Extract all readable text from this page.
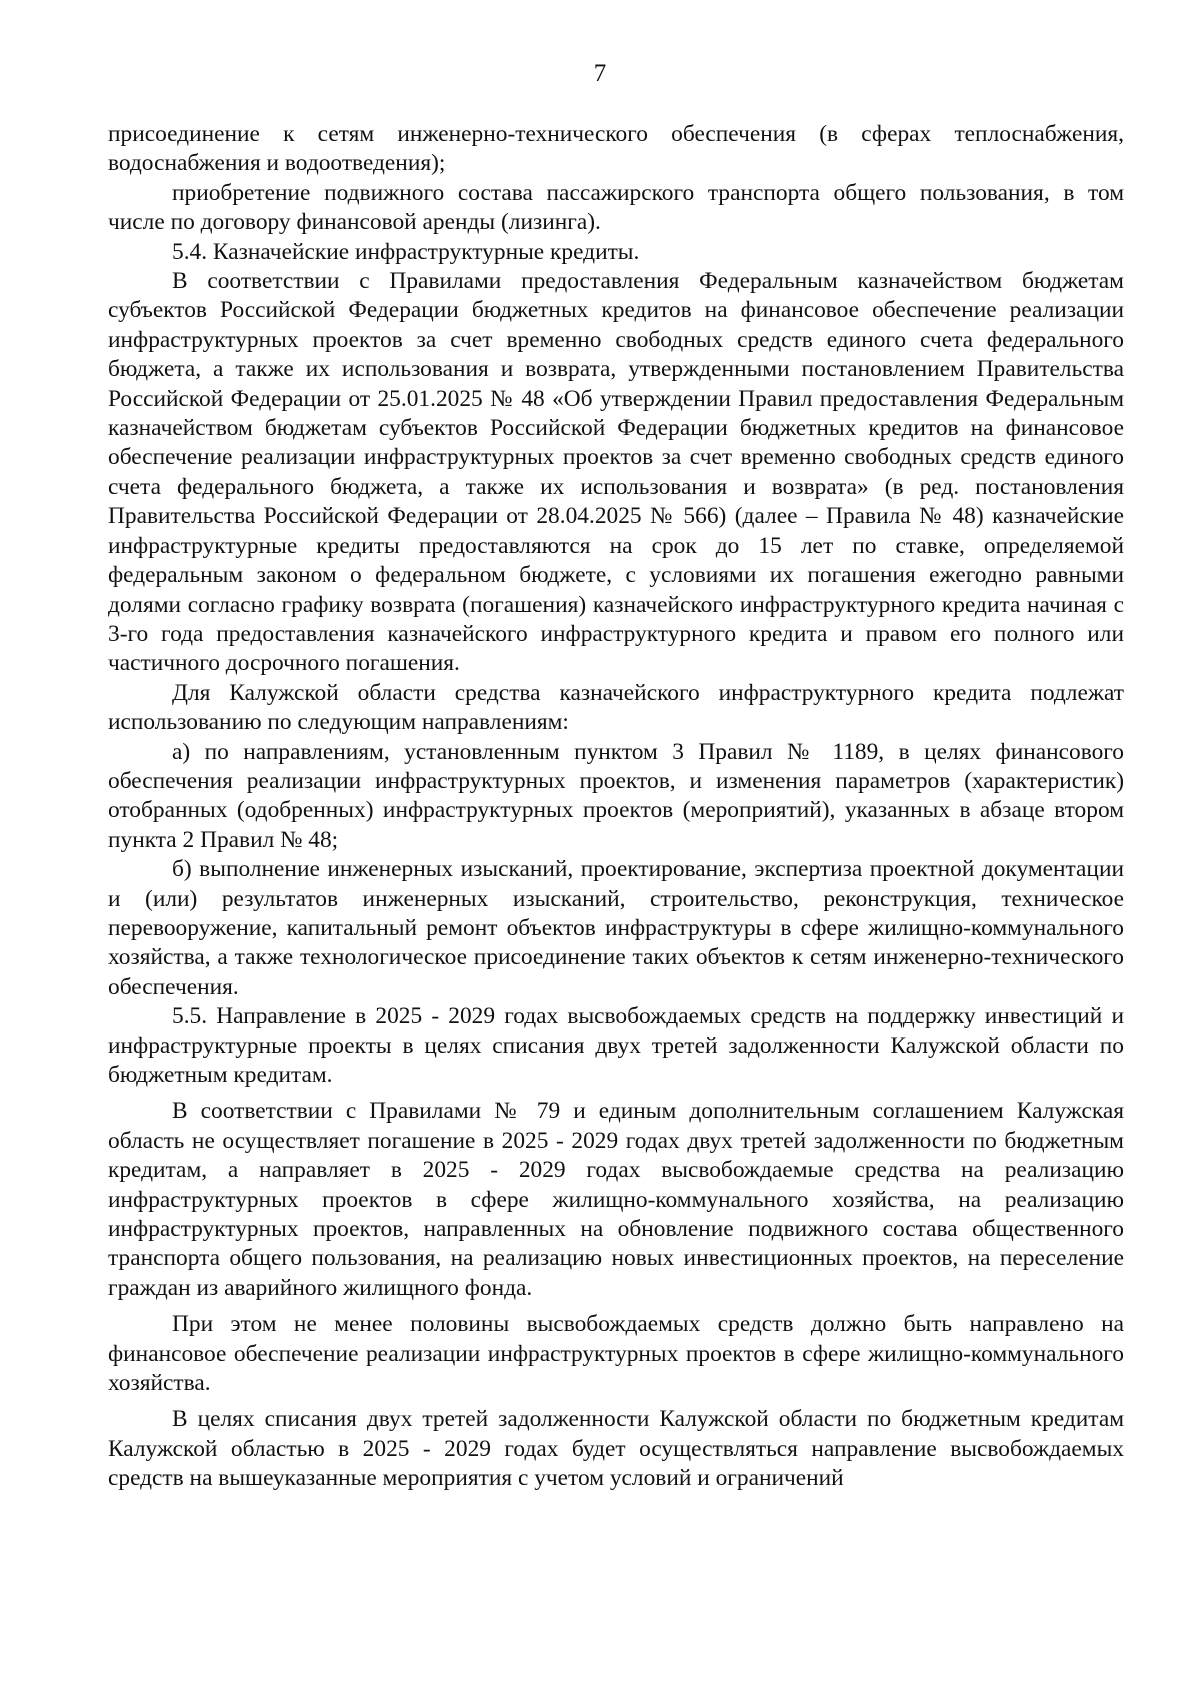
7

присоединение к сетям инженерно-технического обеспечения (в сферах теплоснабжения, водоснабжения и водоотведения);

приобретение подвижного состава пассажирского транспорта общего пользования, в том числе по договору финансовой аренды (лизинга).

5.4. Казначейские инфраструктурные кредиты.

В соответствии с Правилами предоставления Федеральным казначейством бюджетам субъектов Российской Федерации бюджетных кредитов на финансовое обеспечение реализации инфраструктурных проектов за счет временно свободных средств единого счета федерального бюджета, а также их использования и возврата, утвержденными постановлением Правительства Российской Федерации от 25.01.2025 № 48 «Об утверждении Правил предоставления Федеральным казначейством бюджетам субъектов Российской Федерации бюджетных кредитов на финансовое обеспечение реализации инфраструктурных проектов за счет временно свободных средств единого счета федерального бюджета, а также их использования и возврата» (в ред. постановления Правительства Российской Федерации от 28.04.2025 № 566) (далее – Правила № 48) казначейские инфраструктурные кредиты предоставляются на срок до 15 лет по ставке, определяемой федеральным законом о федеральном бюджете, с условиями их погашения ежегодно равными долями согласно графику возврата (погашения) казначейского инфраструктурного кредита начиная с 3-го года предоставления казначейского инфраструктурного кредита и правом его полного или частичного досрочного погашения.

Для Калужской области средства казначейского инфраструктурного кредита подлежат использованию по следующим направлениям:

а) по направлениям, установленным пунктом 3 Правил № 1189, в целях финансового обеспечения реализации инфраструктурных проектов, и изменения параметров (характеристик) отобранных (одобренных) инфраструктурных проектов (мероприятий), указанных в абзаце втором пункта 2 Правил № 48;

б) выполнение инженерных изысканий, проектирование, экспертиза проектной документации и (или) результатов инженерных изысканий, строительство, реконструкция, техническое перевооружение, капитальный ремонт объектов инфраструктуры в сфере жилищно-коммунального хозяйства, а также технологическое присоединение таких объектов к сетям инженерно-технического обеспечения.

5.5. Направление в 2025 - 2029 годах высвобождаемых средств на поддержку инвестиций и инфраструктурные проекты в целях списания двух третей задолженности Калужской области по бюджетным кредитам.

В соответствии с Правилами № 79 и единым дополнительным соглашением Калужская область не осуществляет погашение в 2025 - 2029 годах двух третей задолженности по бюджетным кредитам, а направляет в 2025 - 2029 годах высвобождаемые средства на реализацию инфраструктурных проектов в сфере жилищно-коммунального хозяйства, на реализацию инфраструктурных проектов, направленных на обновление подвижного состава общественного транспорта общего пользования, на реализацию новых инвестиционных проектов, на переселение граждан из аварийного жилищного фонда.

При этом не менее половины высвобождаемых средств должно быть направлено на финансовое обеспечение реализации инфраструктурных проектов в сфере жилищно-коммунального хозяйства.

В целях списания двух третей задолженности Калужской области по бюджетным кредитам Калужской областью в 2025 - 2029 годах будет осуществляться направление высвобождаемых средств на вышеуказанные мероприятия с учетом условий и ограничений
